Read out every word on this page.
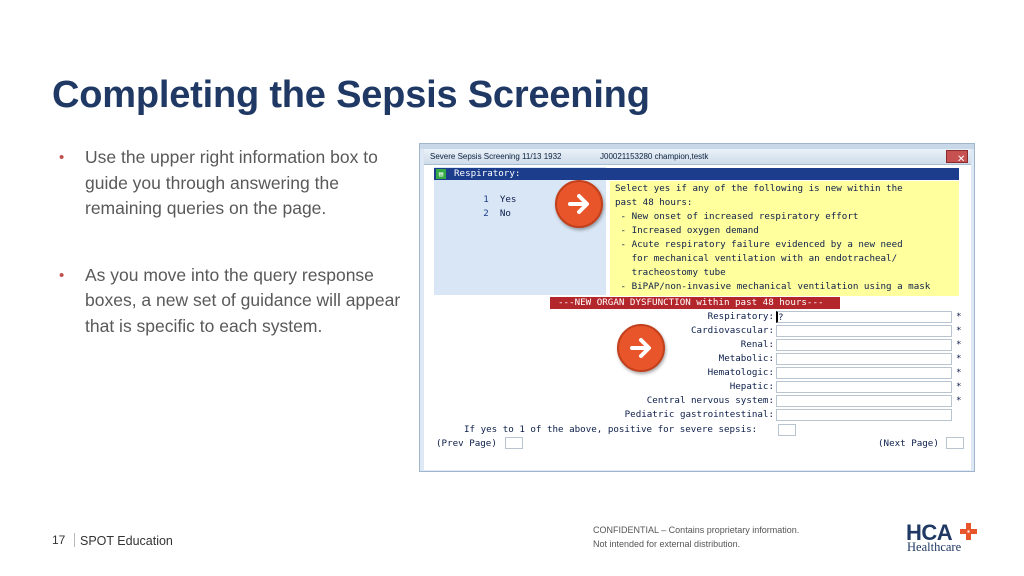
Completing the Sepsis Screening
• Use the upper right information box to guide you through answering the remaining queries on the page.
• As you move into the query response boxes, a new set of guidance will appear that is specific to each system.
Severe Sepsis Screening 11/13 1932	J00021153280 champion,testk	✕

▤

	Respiratory:

1 Yes

2 No

Select yes if any of the following is new within the
past 48 hours:
- New onset of increased respiratory effort
- Increased oxygen demand
- Acute respiratory failure evidenced by a new need
for mechanical ventilation with an endotracheal/
tracheostomy tube
- BiPAP/non-invasive mechanical ventilation using a mask

---NEW ORGAN DYSFUNCTION within past 48 hours---

Respiratory: ?	*
Cardiovascular:	*
Renal:	*
Metabolic:	*
Hematologic:	*
Hepatic:	*
Central nervous system:	*
Pediatric gastrointestinal:
If yes to 1 of the above, positive for severe sepsis:
(Prev Page)	(Next Page)
17 SPOT Education
CONFIDENTIAL – Contains proprietary information.
Not intended for external distribution.	HCA
Healthcare
